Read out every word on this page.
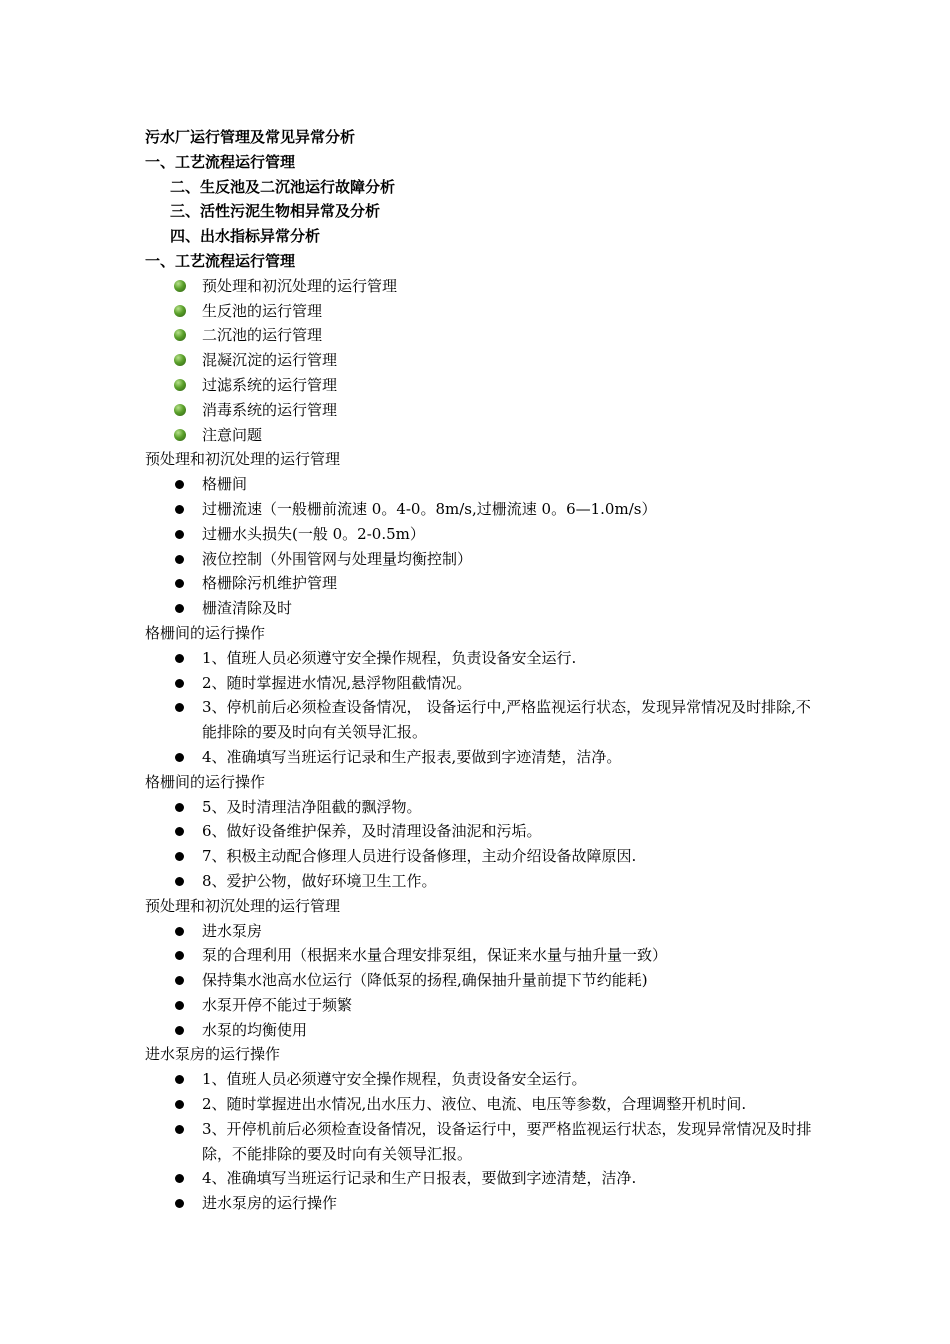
污水厂运行管理及常见异常分析
一、工艺流程运行管理
二、生反池及二沉池运行故障分析
三、活性污泥生物相异常及分析
四、出水指标异常分析
一、工艺流程运行管理
预处理和初沉处理的运行管理
生反池的运行管理
二沉池的运行管理
混凝沉淀的运行管理
过滤系统的运行管理
消毒系统的运行管理
注意问题
预处理和初沉处理的运行管理
格栅间
过栅流速（一般栅前流速 0。4-0。8m/s,过栅流速 0。6—1.0m/s）
过栅水头损失(一般 0。2-0.5m）
液位控制（外围管网与处理量均衡控制）
格栅除污机维护管理
栅渣清除及时
格栅间的运行操作
1、值班人员必须遵守安全操作规程，负责设备安全运行.
2、随时掌握进水情况,悬浮物阻截情况。
3、停机前后必须检查设备情况， 设备运行中,严格监视运行状态，发现异常情况及时排除,不能排除的要及时向有关领导汇报。
4、准确填写当班运行记录和生产报表,要做到字迹清楚，洁净。
格栅间的运行操作
5、及时清理洁净阻截的飘浮物。
6、做好设备维护保养，及时清理设备油泥和污垢。
7、积极主动配合修理人员进行设备修理，主动介绍设备故障原因.
8、爱护公物，做好环境卫生工作。
预处理和初沉处理的运行管理
进水泵房
泵的合理利用（根据来水量合理安排泵组，保证来水量与抽升量一致）
保持集水池高水位运行（降低泵的扬程,确保抽升量前提下节约能耗)
水泵开停不能过于频繁
水泵的均衡使用
进水泵房的运行操作
1、值班人员必须遵守安全操作规程，负责设备安全运行。
2、随时掌握进出水情况,出水压力、液位、电流、电压等参数，合理调整开机时间.
3、开停机前后必须检查设备情况，设备运行中，要严格监视运行状态，发现异常情况及时排除，不能排除的要及时向有关领导汇报。
4、准确填写当班运行记录和生产日报表，要做到字迹清楚，洁净.
进水泵房的运行操作
